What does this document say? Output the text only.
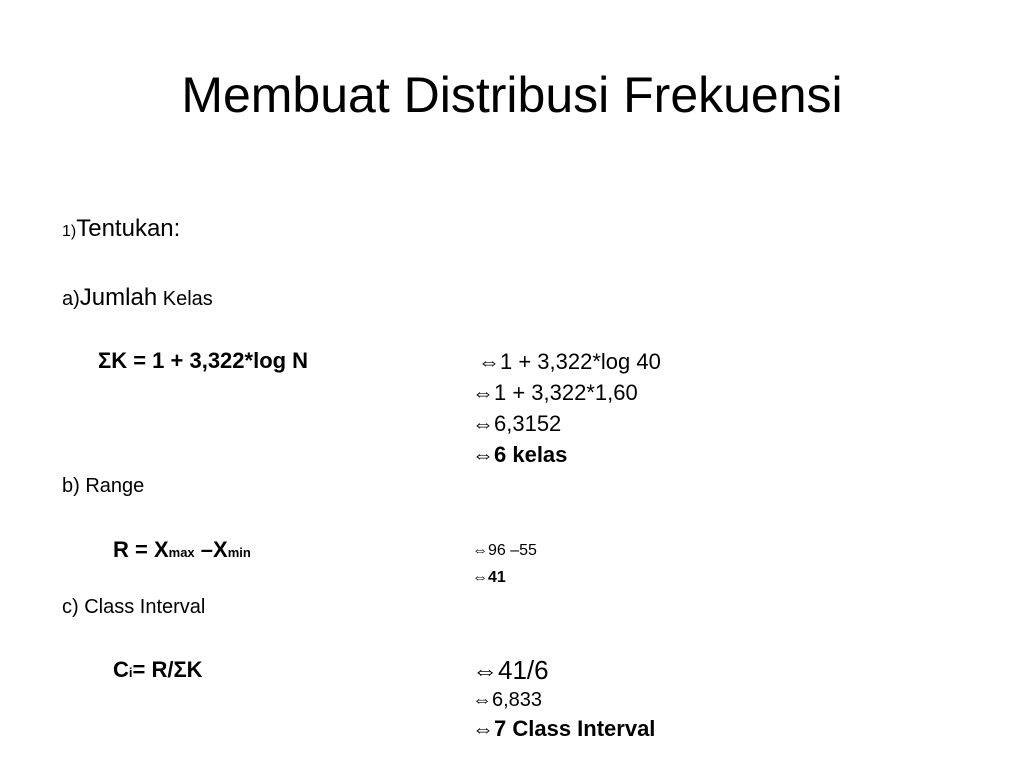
Membuat Distribusi Frekuensi
1)Tentukan:
a)Jumlah Kelas
ΣK = 1 + 3,322*log N	⇔1 + 3,322*log 40
⇔1 + 3,322*1,60
⇔6,3152
⇔6 kelas
b) Range
R = Xmax –Xmin	⇔96 –55
⇔41
c) Class Interval
Ci= R/ΣK	⇔41/6
⇔6,833
⇔7 Class Interval
